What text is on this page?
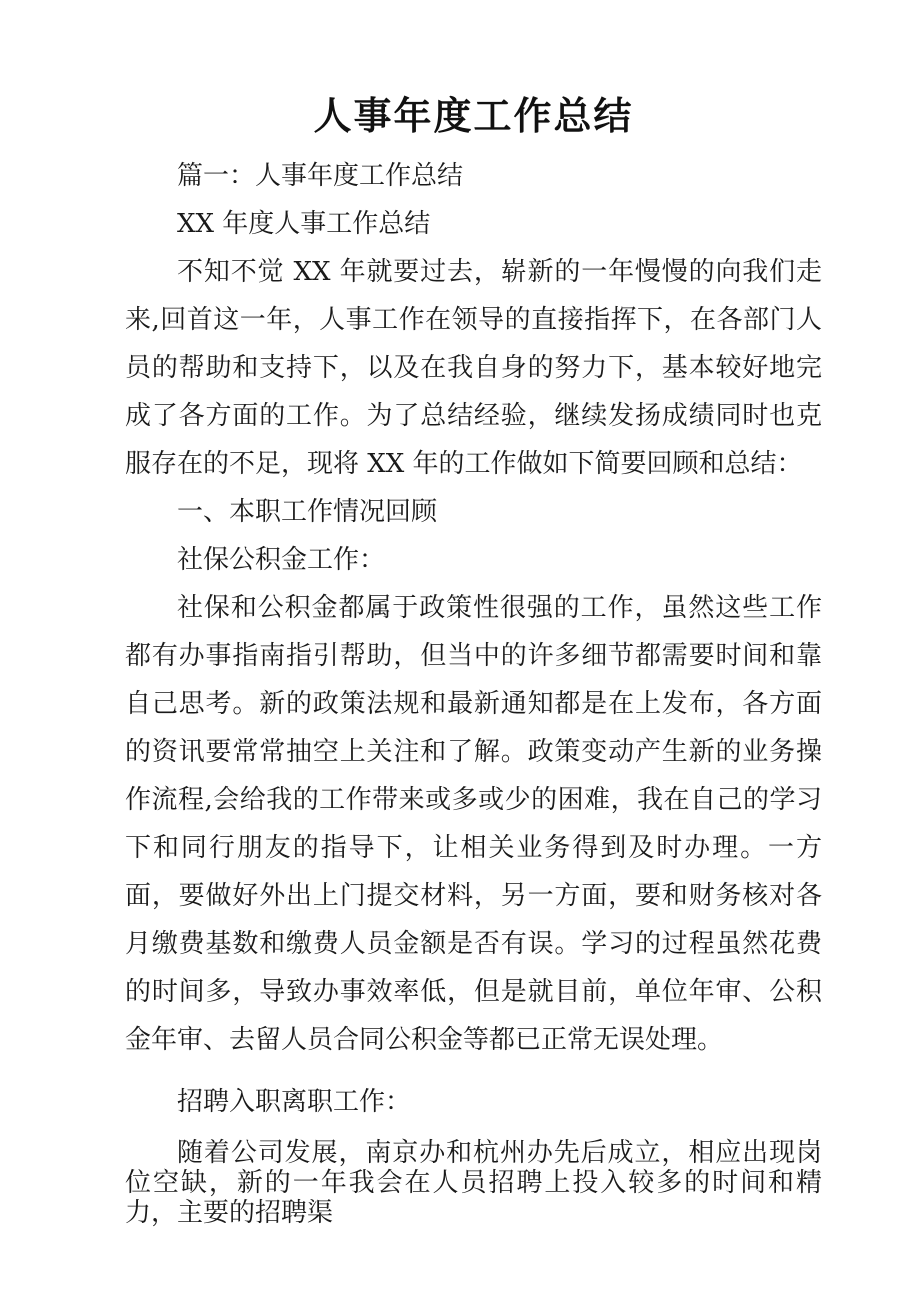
人事年度工作总结

篇一：人事年度工作总结

XX 年度人事工作总结

不知不觉 XX 年就要过去，崭新的一年慢慢的向我们走来,回首这一年，人事工作在领导的直接指挥下，在各部门人员的帮助和支持下，以及在我自身的努力下，基本较好地完成了各方面的工作。为了总结经验，继续发扬成绩同时也克服存在的不足，现将 XX 年的工作做如下简要回顾和总结：

一、本职工作情况回顾

社保公积金工作：

社保和公积金都属于政策性很强的工作，虽然这些工作都有办事指南指引帮助，但当中的许多细节都需要时间和靠自己思考。新的政策法规和最新通知都是在上发布，各方面的资讯要常常抽空上关注和了解。政策变动产生新的业务操作流程,会给我的工作带来或多或少的困难，我在自己的学习下和同行朋友的指导下，让相关业务得到及时办理。一方面，要做好外出上门提交材料，另一方面，要和财务核对各月缴费基数和缴费人员金额是否有误。学习的过程虽然花费的时间多，导致办事效率低，但是就目前，单位年审、公积金年审、去留人员合同公积金等都已正常无误处理。

招聘入职离职工作：

随着公司发展，南京办和杭州办先后成立，相应出现岗位空缺，新的一年我会在人员招聘上投入较多的时间和精力，主要的招聘渠
